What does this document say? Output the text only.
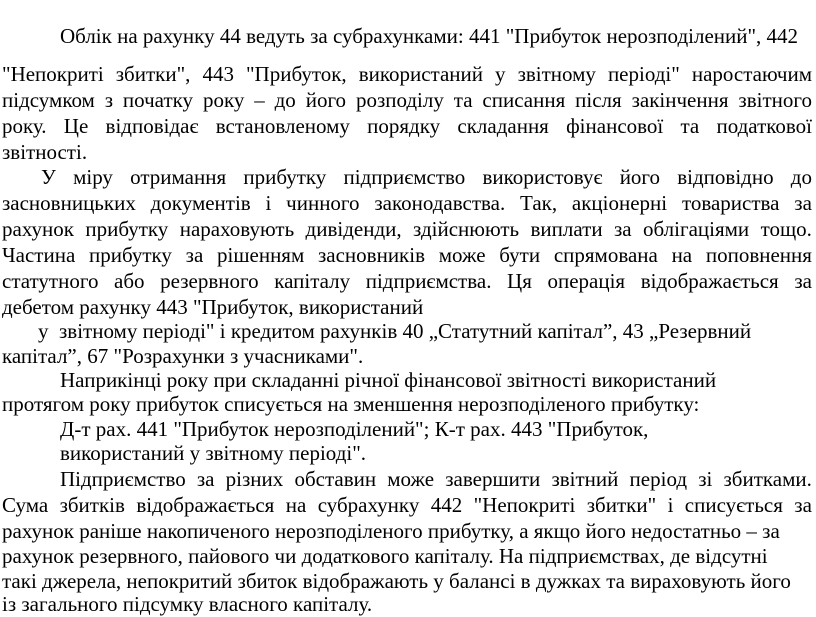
Облік на рахунку 44 ведуть за субрахунками: 441 "Прибуток нерозподілений", 442
"Непокриті збитки", 443 "Прибуток, використаний у звітному періоді" наростаючим
підсумком з початку року – до його розподілу та списання після закінчення звітного
року. Це відповідає встановленому порядку складання фінансової та податкової
звітності.
У міру отримання прибутку підприємство використовує його відповідно до
засновницьких документів і чинного законодавства. Так, акціонерні товариства за
рахунок прибутку нараховують дивіденди, здійснюють виплати за облігаціями тощо.
Частина прибутку за рішенням засновників може бути спрямована на поповнення
статутного або резервного капіталу підприємства. Ця операція відображається за
дебетом рахунку 443 "Прибуток, використаний
у  звітному періоді" і кредитом рахунків 40 „Статутний капітал”, 43 „Резервний
капітал”, 67 "Розрахунки з учасниками".
Наприкінці року при складанні річної фінансової звітності використаний
протягом року прибуток списується на зменшення нерозподіленого прибутку:
Д-т рах. 441 "Прибуток нерозподілений"; К-т рах. 443 "Прибуток,
використаний у звітному періоді".
Підприємство за різних обставин може завершити звітний період зі збитками.
Сума збитків відображається на субрахунку 442 "Непокриті збитки" і списується за
рахунок раніше накопиченого нерозподіленого прибутку, а якщо його недостатньо – за
рахунок резервного, пайового чи додаткового капіталу. На підприємствах, де відсутні
такі джерела, непокритий збиток відображають у балансі в дужках та вираховують його
із загального підсумку власного капіталу.
